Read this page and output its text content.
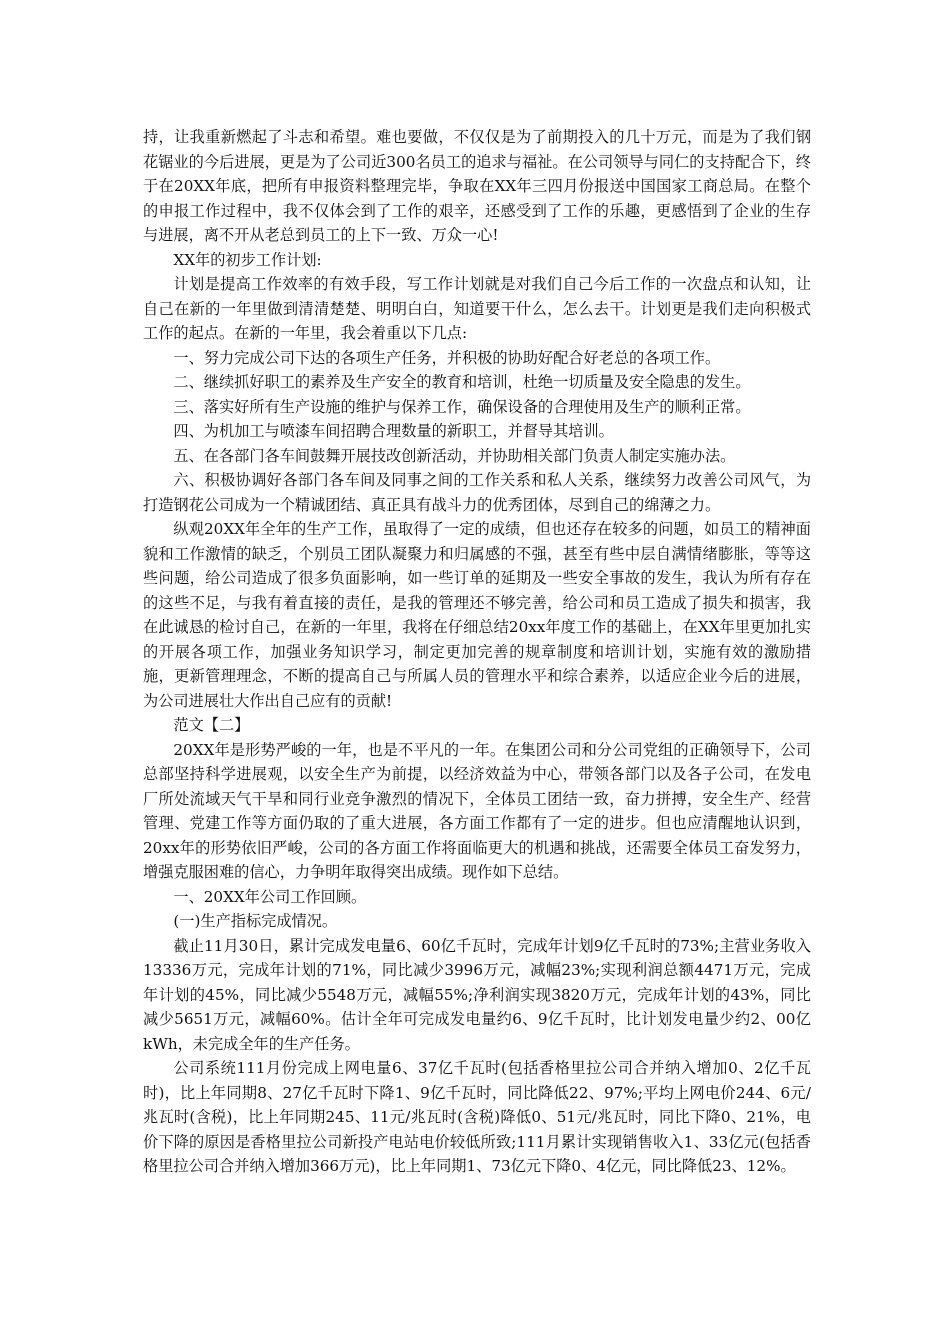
持，让我重新燃起了斗志和希望。难也要做，不仅仅是为了前期投入的几十万元，而是为了我们钢花锯业的今后进展，更是为了公司近300名员工的追求与福祉。在公司领导与同仁的支持配合下，终于在20XX年底，把所有申报资料整理完毕，争取在XX年三四月份报送中国国家工商总局。在整个的申报工作过程中，我不仅体会到了工作的艰辛，还感受到了工作的乐趣，更感悟到了企业的生存与进展，离不开从老总到员工的上下一致、万众一心!

XX年的初步工作计划:

计划是提高工作效率的有效手段，写工作计划就是对我们自己今后工作的一次盘点和认知，让自己在新的一年里做到清清楚楚、明明白白，知道要干什么，怎么去干。计划更是我们走向积极式工作的起点。在新的一年里，我会着重以下几点:

一、努力完成公司下达的各项生产任务，并积极的协助好配合好老总的各项工作。

二、继续抓好职工的素养及生产安全的教育和培训，杜绝一切质量及安全隐患的发生。

三、落实好所有生产设施的维护与保养工作，确保设备的合理使用及生产的顺利正常。

四、为机加工与喷漆车间招聘合理数量的新职工，并督导其培训。

五、在各部门各车间鼓舞开展技改创新活动，并协助相关部门负责人制定实施办法。

六、积极协调好各部门各车间及同事之间的工作关系和私人关系，继续努力改善公司风气，为打造钢花公司成为一个精诚团结、真正具有战斗力的优秀团体，尽到自己的绵薄之力。

纵观20XX年全年的生产工作，虽取得了一定的成绩，但也还存在较多的问题，如员工的精神面貌和工作激情的缺乏，个别员工团队凝聚力和归属感的不强，甚至有些中层自满情绪膨胀，等等这些问题，给公司造成了很多负面影响，如一些订单的延期及一些安全事故的发生，我认为所有存在的这些不足，与我有着直接的责任，是我的管理还不够完善，给公司和员工造成了损失和损害，我在此诚恳的检讨自己，在新的一年里，我将在仔细总结20xx年度工作的基础上，在XX年里更加扎实的开展各项工作，加强业务知识学习，制定更加完善的规章制度和培训计划，实施有效的激励措施，更新管理理念，不断的提高自己与所属人员的管理水平和综合素养，以适应企业今后的进展，为公司进展壮大作出自己应有的贡献!

范文【二】

20XX年是形势严峻的一年，也是不平凡的一年。在集团公司和分公司党组的正确领导下，公司总部坚持科学进展观，以安全生产为前提，以经济效益为中心，带领各部门以及各子公司，在发电厂所处流域天气干旱和同行业竞争激烈的情况下，全体员工团结一致，奋力拼搏，安全生产、经营管理、党建工作等方面仍取的了重大进展，各方面工作都有了一定的进步。但也应清醒地认识到，20xx年的形势依旧严峻，公司的各方面工作将面临更大的机遇和挑战，还需要全体员工奋发努力，增强克服困难的信心，力争明年取得突出成绩。现作如下总结。

一、20XX年公司工作回顾。

(一)生产指标完成情况。

截止11月30日，累计完成发电量6、60亿千瓦时，完成年计划9亿千瓦时的73%;主营业务收入13336万元，完成年计划的71%，同比减少3996万元，减幅23%;实现利润总额4471万元，完成年计划的45%，同比减少5548万元，减幅55%;净利润实现3820万元，完成年计划的43%，同比减少5651万元，减幅60%。估计全年可完成发电量约6、9亿千瓦时，比计划发电量少约2、00亿kWh，未完成全年的生产任务。

公司系统111月份完成上网电量6、37亿千瓦时(包括香格里拉公司合并纳入增加0、2亿千瓦时)，比上年同期8、27亿千瓦时下降1、9亿千瓦时，同比降低22、97%;平均上网电价244、6元/兆瓦时(含税)，比上年同期245、11元/兆瓦时(含税)降低0、51元/兆瓦时，同比下降0、21%，电价下降的原因是香格里拉公司新投产电站电价较低所致;111月累计实现销售收入1、33亿元(包括香格里拉公司合并纳入增加366万元)，比上年同期1、73亿元下降0、4亿元，同比降低23、12%。
